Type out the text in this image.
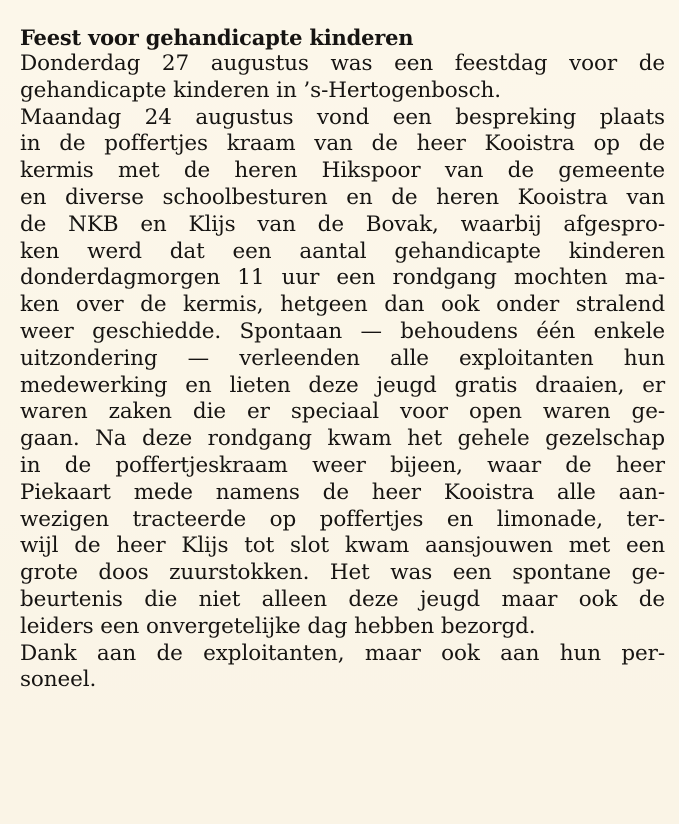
Feest voor gehandicapte kinderen
Donderdag 27 augustus was een feestdag voor de
gehandicapte kinderen in ’s-Hertogenbosch.
Maandag 24 augustus vond een bespreking plaats
in de poffertjes kraam van de heer Kooistra op de
kermis met de heren Hikspoor van de gemeente
en diverse schoolbesturen en de heren Kooistra van
de NKB en Klijs van de Bovak, waarbij afgespro-
ken werd dat een aantal gehandicapte kinderen
donderdagmorgen 11 uur een rondgang mochten ma-
ken over de kermis, hetgeen dan ook onder stralend
weer geschiedde. Spontaan — behoudens één enkele
uitzondering — verleenden alle exploitanten hun
medewerking en lieten deze jeugd gratis draaien, er
waren zaken die er speciaal voor open waren ge-
gaan. Na deze rondgang kwam het gehele gezelschap
in de poffertjeskraam weer bijeen, waar de heer
Piekaart mede namens de heer Kooistra alle aan-
wezigen tracteerde op poffertjes en limonade, ter-
wijl de heer Klijs tot slot kwam aansjouwen met een
grote doos zuurstokken. Het was een spontane ge-
beurtenis die niet alleen deze jeugd maar ook de
leiders een onvergetelijke dag hebben bezorgd.
Dank aan de exploitanten, maar ook aan hun per-
soneel.
